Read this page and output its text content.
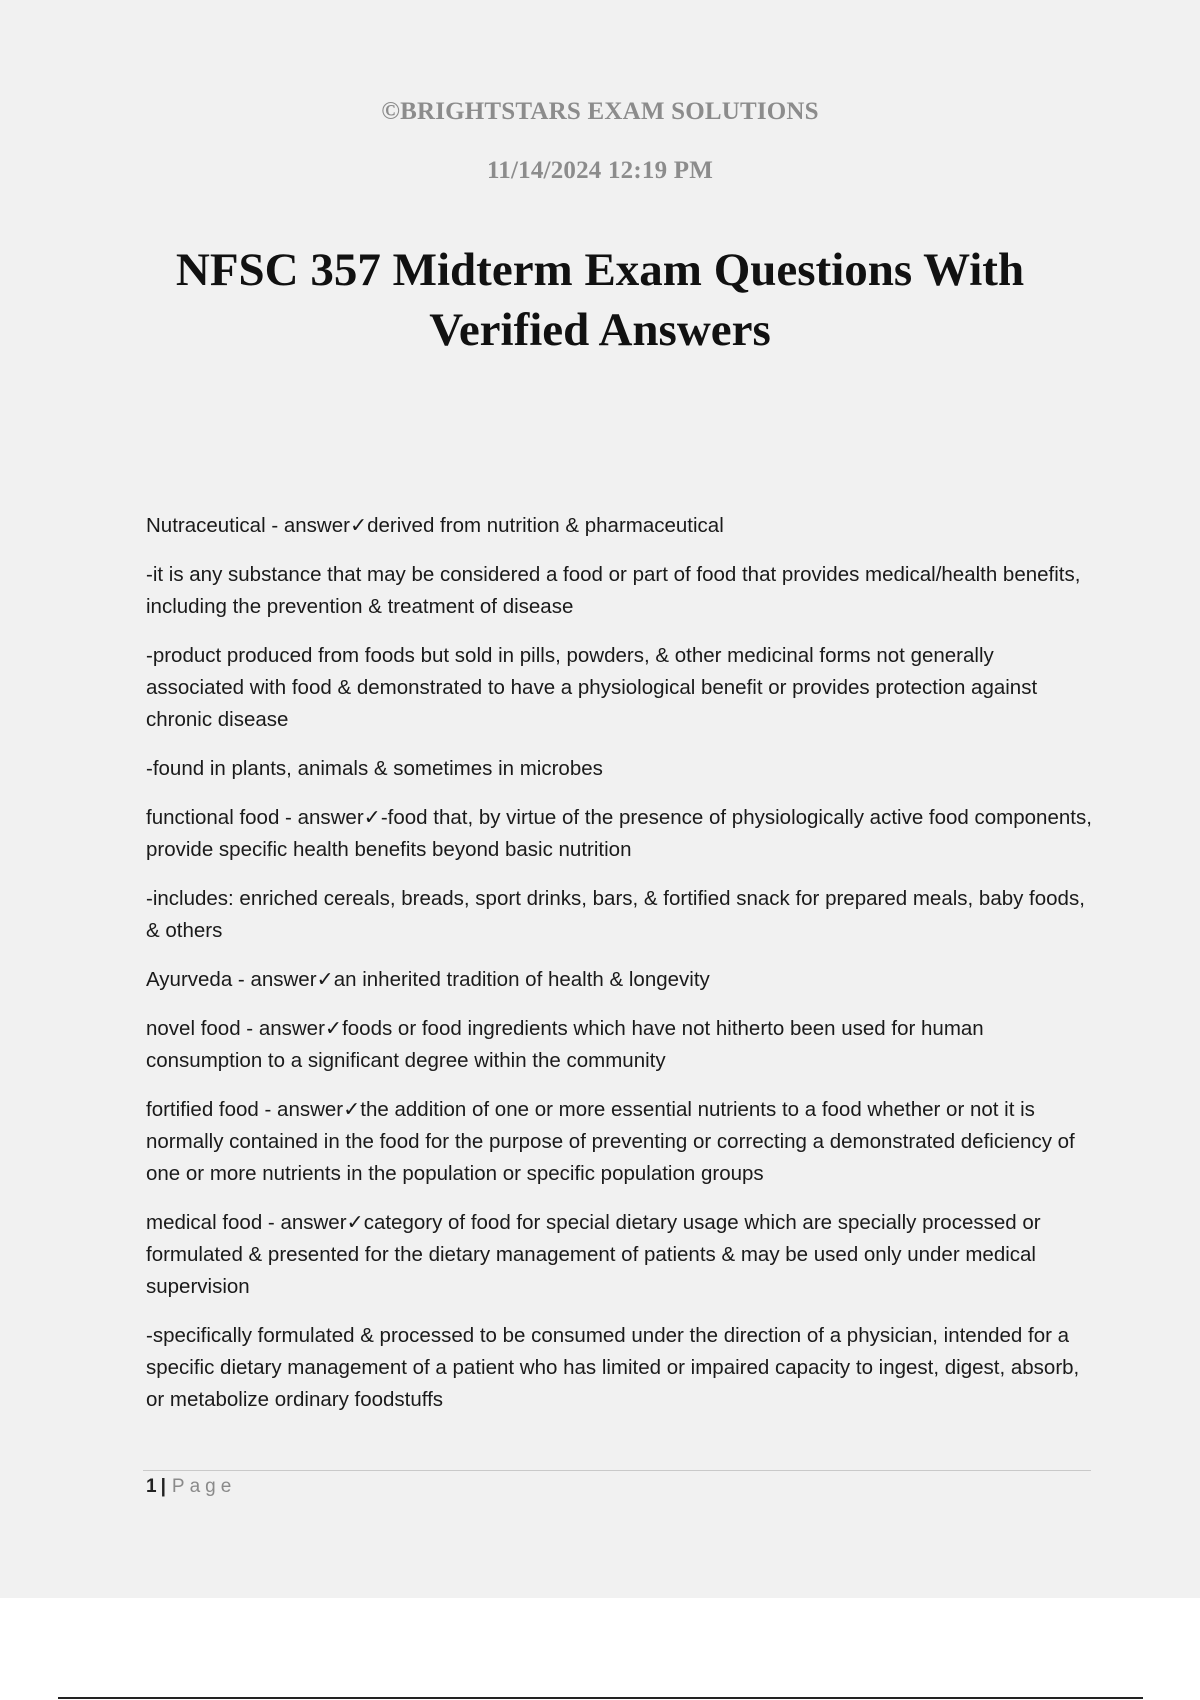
©BRIGHTSTARS EXAM SOLUTIONS
11/14/2024 12:19 PM
NFSC 357 Midterm Exam Questions With
Verified Answers

Nutraceutical - answer✓derived from nutrition & pharmaceutical

-it is any substance that may be considered a food or part of food that provides medical/health benefits, including the prevention & treatment of disease

-product produced from foods but sold in pills, powders, & other medicinal forms not generally associated with food & demonstrated to have a physiological benefit or provides protection against chronic disease

-found in plants, animals & sometimes in microbes

functional food - answer✓-food that, by virtue of the presence of physiologically active food components, provide specific health benefits beyond basic nutrition

-includes: enriched cereals, breads, sport drinks, bars, & fortified snack for prepared meals, baby foods, & others

Ayurveda - answer✓an inherited tradition of health & longevity

novel food - answer✓foods or food ingredients which have not hitherto been used for human consumption to a significant degree within the community

fortified food - answer✓the addition of one or more essential nutrients to a food whether or not it is normally contained in the food for the purpose of preventing or correcting a demonstrated deficiency of one or more nutrients in the population or specific population groups

medical food - answer✓category of food for special dietary usage which are specially processed or formulated & presented for the dietary management of patients & may be used only under medical supervision

-specifically formulated & processed to be consumed under the direction of a physician, intended for a specific dietary management of a patient who has limited or impaired capacity to ingest, digest, absorb, or metabolize ordinary foodstuffs

1 | Page
